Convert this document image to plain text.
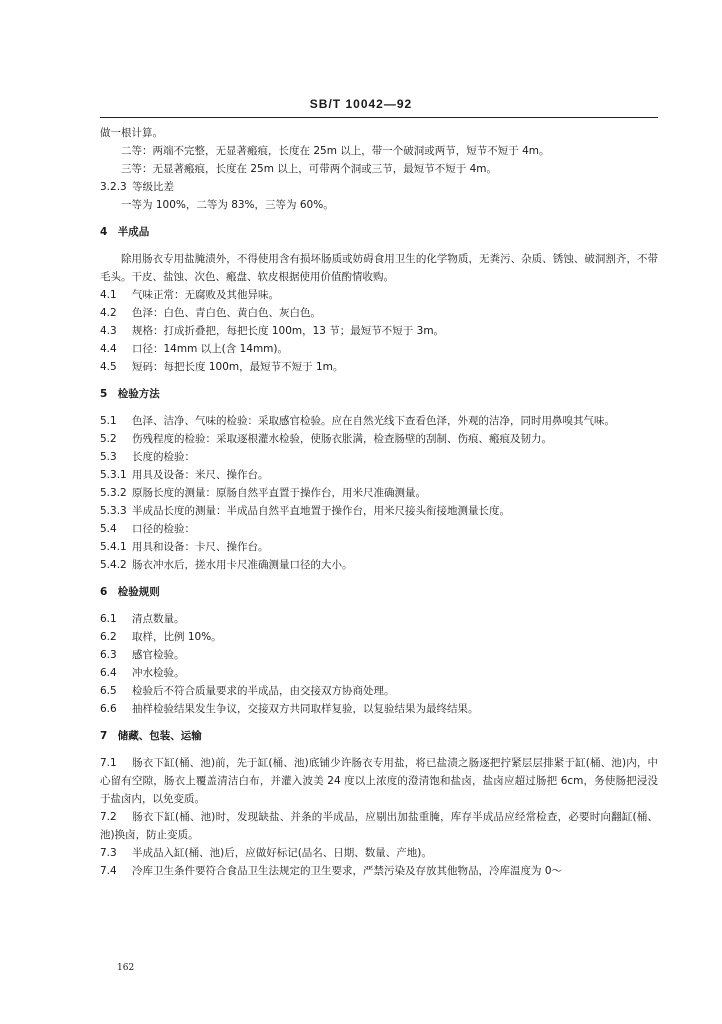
SB/T 10042—92

做一根计算。

二等：两端不完整，无显著瘢痕，长度在 25m 以上，带一个破洞或两节，短节不短于 4m。

三等：无显著瘢痕，长度在 25m 以上，可带两个洞或三节，最短节不短于 4m。

3.2.3 等级比差

一等为 100%，二等为 83%，三等为 60%。

4　半成品

除用肠衣专用盐腌渍外，不得使用含有损坏肠质或妨碍食用卫生的化学物质，无粪污、杂质、锈蚀、破洞割齐，不带毛头。干皮、盐蚀、次色、瘢盘、软皮根据使用价值酌情收购。

4.1 气味正常：无腐败及其他异味。

4.2 色泽：白色、青白色、黄白色、灰白色。

4.3 规格：打成折叠把，每把长度 100m，13 节；最短节不短于 3m。

4.4 口径：14mm 以上(含 14mm)。

4.5 短码：每把长度 100m，最短节不短于 1m。

5　检验方法

5.1 色泽、洁净、气味的检验：采取感官检验。应在自然光线下查看色泽，外观的洁净，同时用鼻嗅其气味。

5.2 伤残程度的检验：采取逐根灌水检验，使肠衣胀满，检查肠壁的刮制、伤痕、瘢痕及韧力。

5.3 长度的检验：

5.3.1 用具及设备：米尺、操作台。

5.3.2 原肠长度的测量：原肠自然平直置于操作台，用米尺准确测量。

5.3.3 半成品长度的测量：半成品自然平直地置于操作台，用米尺接头衔接地测量长度。

5.4 口径的检验：

5.4.1 用具和设备：卡尺、操作台。

5.4.2 肠衣冲水后，搓水用卡尺准确测量口径的大小。

6　检验规则

6.1 清点数量。

6.2 取样，比例 10%。

6.3 感官检验。

6.4 冲水检验。

6.5 检验后不符合质量要求的半成品，由交接双方协商处理。

6.6 抽样检验结果发生争议，交接双方共同取样复验，以复验结果为最终结果。

7　储藏、包装、运输

7.1 肠衣下缸(桶、池)前，先于缸(桶、池)底铺少许肠衣专用盐，将已盐渍之肠逐把拧紧层层排紧于缸(桶、池)内，中心留有空隙，肠衣上覆盖清洁白布，并灌入波美 24 度以上浓度的澄清饱和盐卤，盐卤应超过肠把 6cm，务使肠把浸没于盐卤内，以免变质。

7.2 肠衣下缸(桶、池)时，发现缺盐、并条的半成品，应剔出加盐重腌，库存半成品应经常检查，必要时向翻缸(桶、池)换卤，防止变质。

7.3 半成品入缸(桶、池)后，应做好标记(品名、日期、数量、产地)。

7.4 冷库卫生条件要符合食品卫生法规定的卫生要求，严禁污染及存放其他物品，冷库温度为 0～

162
